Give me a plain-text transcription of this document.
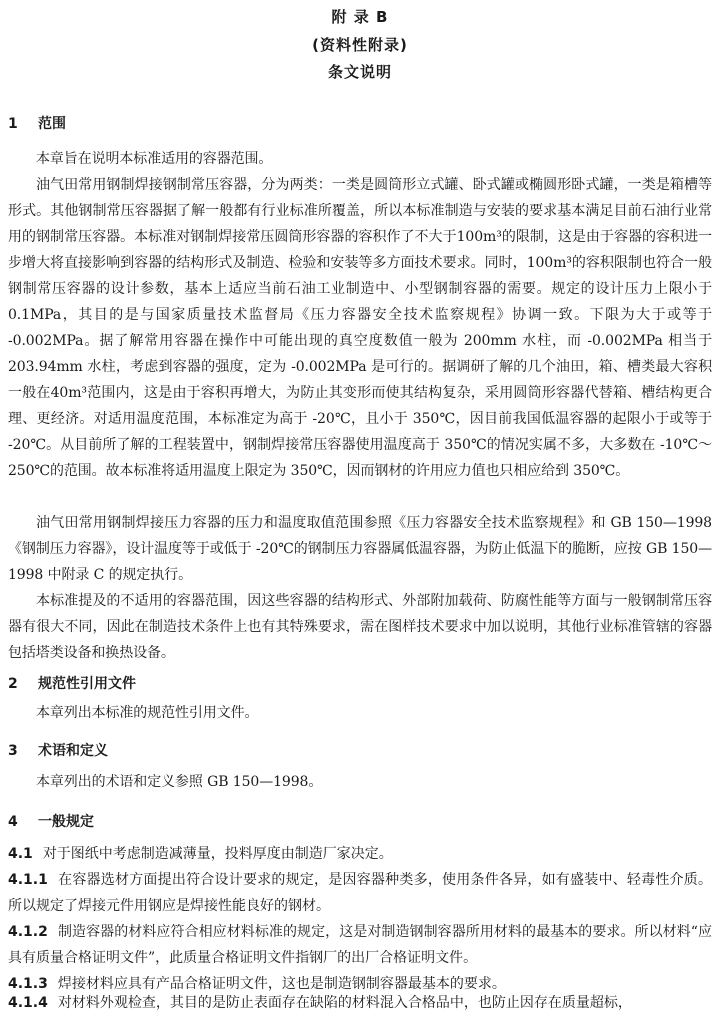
附 录 B
(资料性附录)
条文说明
1 范围

本章旨在说明本标准适用的容器范围。

油气田常用钢制焊接钢制常压容器，分为两类：一类是圆筒形立式罐、卧式罐或椭圆形卧式罐，一类是箱槽等形式。其他钢制常压容器据了解一般都有行业标准所覆盖，所以本标准制造与安装的要求基本满足目前石油行业常用的钢制常压容器。本标准对钢制焊接常压圆筒形容器的容积作了不大于100m³的限制，这是由于容器的容积进一步增大将直接影响到容器的结构形式及制造、检验和安装等多方面技术要求。同时，100m³的容积限制也符合一般钢制常压容器的设计参数，基本上适应当前石油工业制造中、小型钢制容器的需要。规定的设计压力上限小于 0.1MPa，其目的是与国家质量技术监督局《压力容器安全技术监察规程》协调一致。下限为大于或等于 -0.002MPa。据了解常用容器在操作中可能出现的真空度数值一般为 200mm 水柱，而 -0.002MPa 相当于 203.94mm 水柱，考虑到容器的强度，定为 -0.002MPa 是可行的。据调研了解的几个油田，箱、槽类最大容积一般在40m³范围内，这是由于容积再增大，为防止其变形而使其结构复杂，采用圆筒形容器代替箱、槽结构更合理、更经济。对适用温度范围，本标准定为高于 -20℃，且小于 350℃，因目前我国低温容器的起限小于或等于 -20℃。从目前所了解的工程装置中，钢制焊接常压容器使用温度高于 350℃的情况实属不多，大多数在 -10℃～250℃的范围。故本标准将适用温度上限定为 350℃，因而钢材的许用应力值也只相应给到 350℃。

油气田常用钢制焊接压力容器的压力和温度取值范围参照《压力容器安全技术监察规程》和 GB 150—1998《钢制压力容器》，设计温度等于或低于 -20℃的钢制压力容器属低温容器，为防止低温下的脆断，应按 GB 150—1998 中附录 C 的规定执行。

本标准提及的不适用的容器范围，因这些容器的结构形式、外部附加载荷、防腐性能等方面与一般钢制常压容器有很大不同，因此在制造技术条件上也有其特殊要求，需在图样技术要求中加以说明，其他行业标准管辖的容器包括塔类设备和换热设备。

2 规范性引用文件

本章列出本标准的规范性引用文件。

3 术语和定义

本章列出的术语和定义参照 GB 150—1998。

4 一般规定

4.1 对于图纸中考虑制造减薄量，投料厚度由制造厂家决定。

4.1.1 在容器选材方面提出符合设计要求的规定，是因容器种类多，使用条件各异，如有盛装中、轻毒性介质。所以规定了焊接元件用钢应是焊接性能良好的钢材。

4.1.2 制造容器的材料应符合相应材料标准的规定，这是对制造钢制容器所用材料的最基本的要求。所以材料“应具有质量合格证明文件”，此质量合格证明文件指钢厂的出厂合格证明文件。

4.1.3 焊接材料应具有产品合格证明文件，这也是制造钢制容器最基本的要求。

4.1.4 对材料外观检查，其目的是防止表面存在缺陷的材料混入合格品中，也防止因存在质量超标，
